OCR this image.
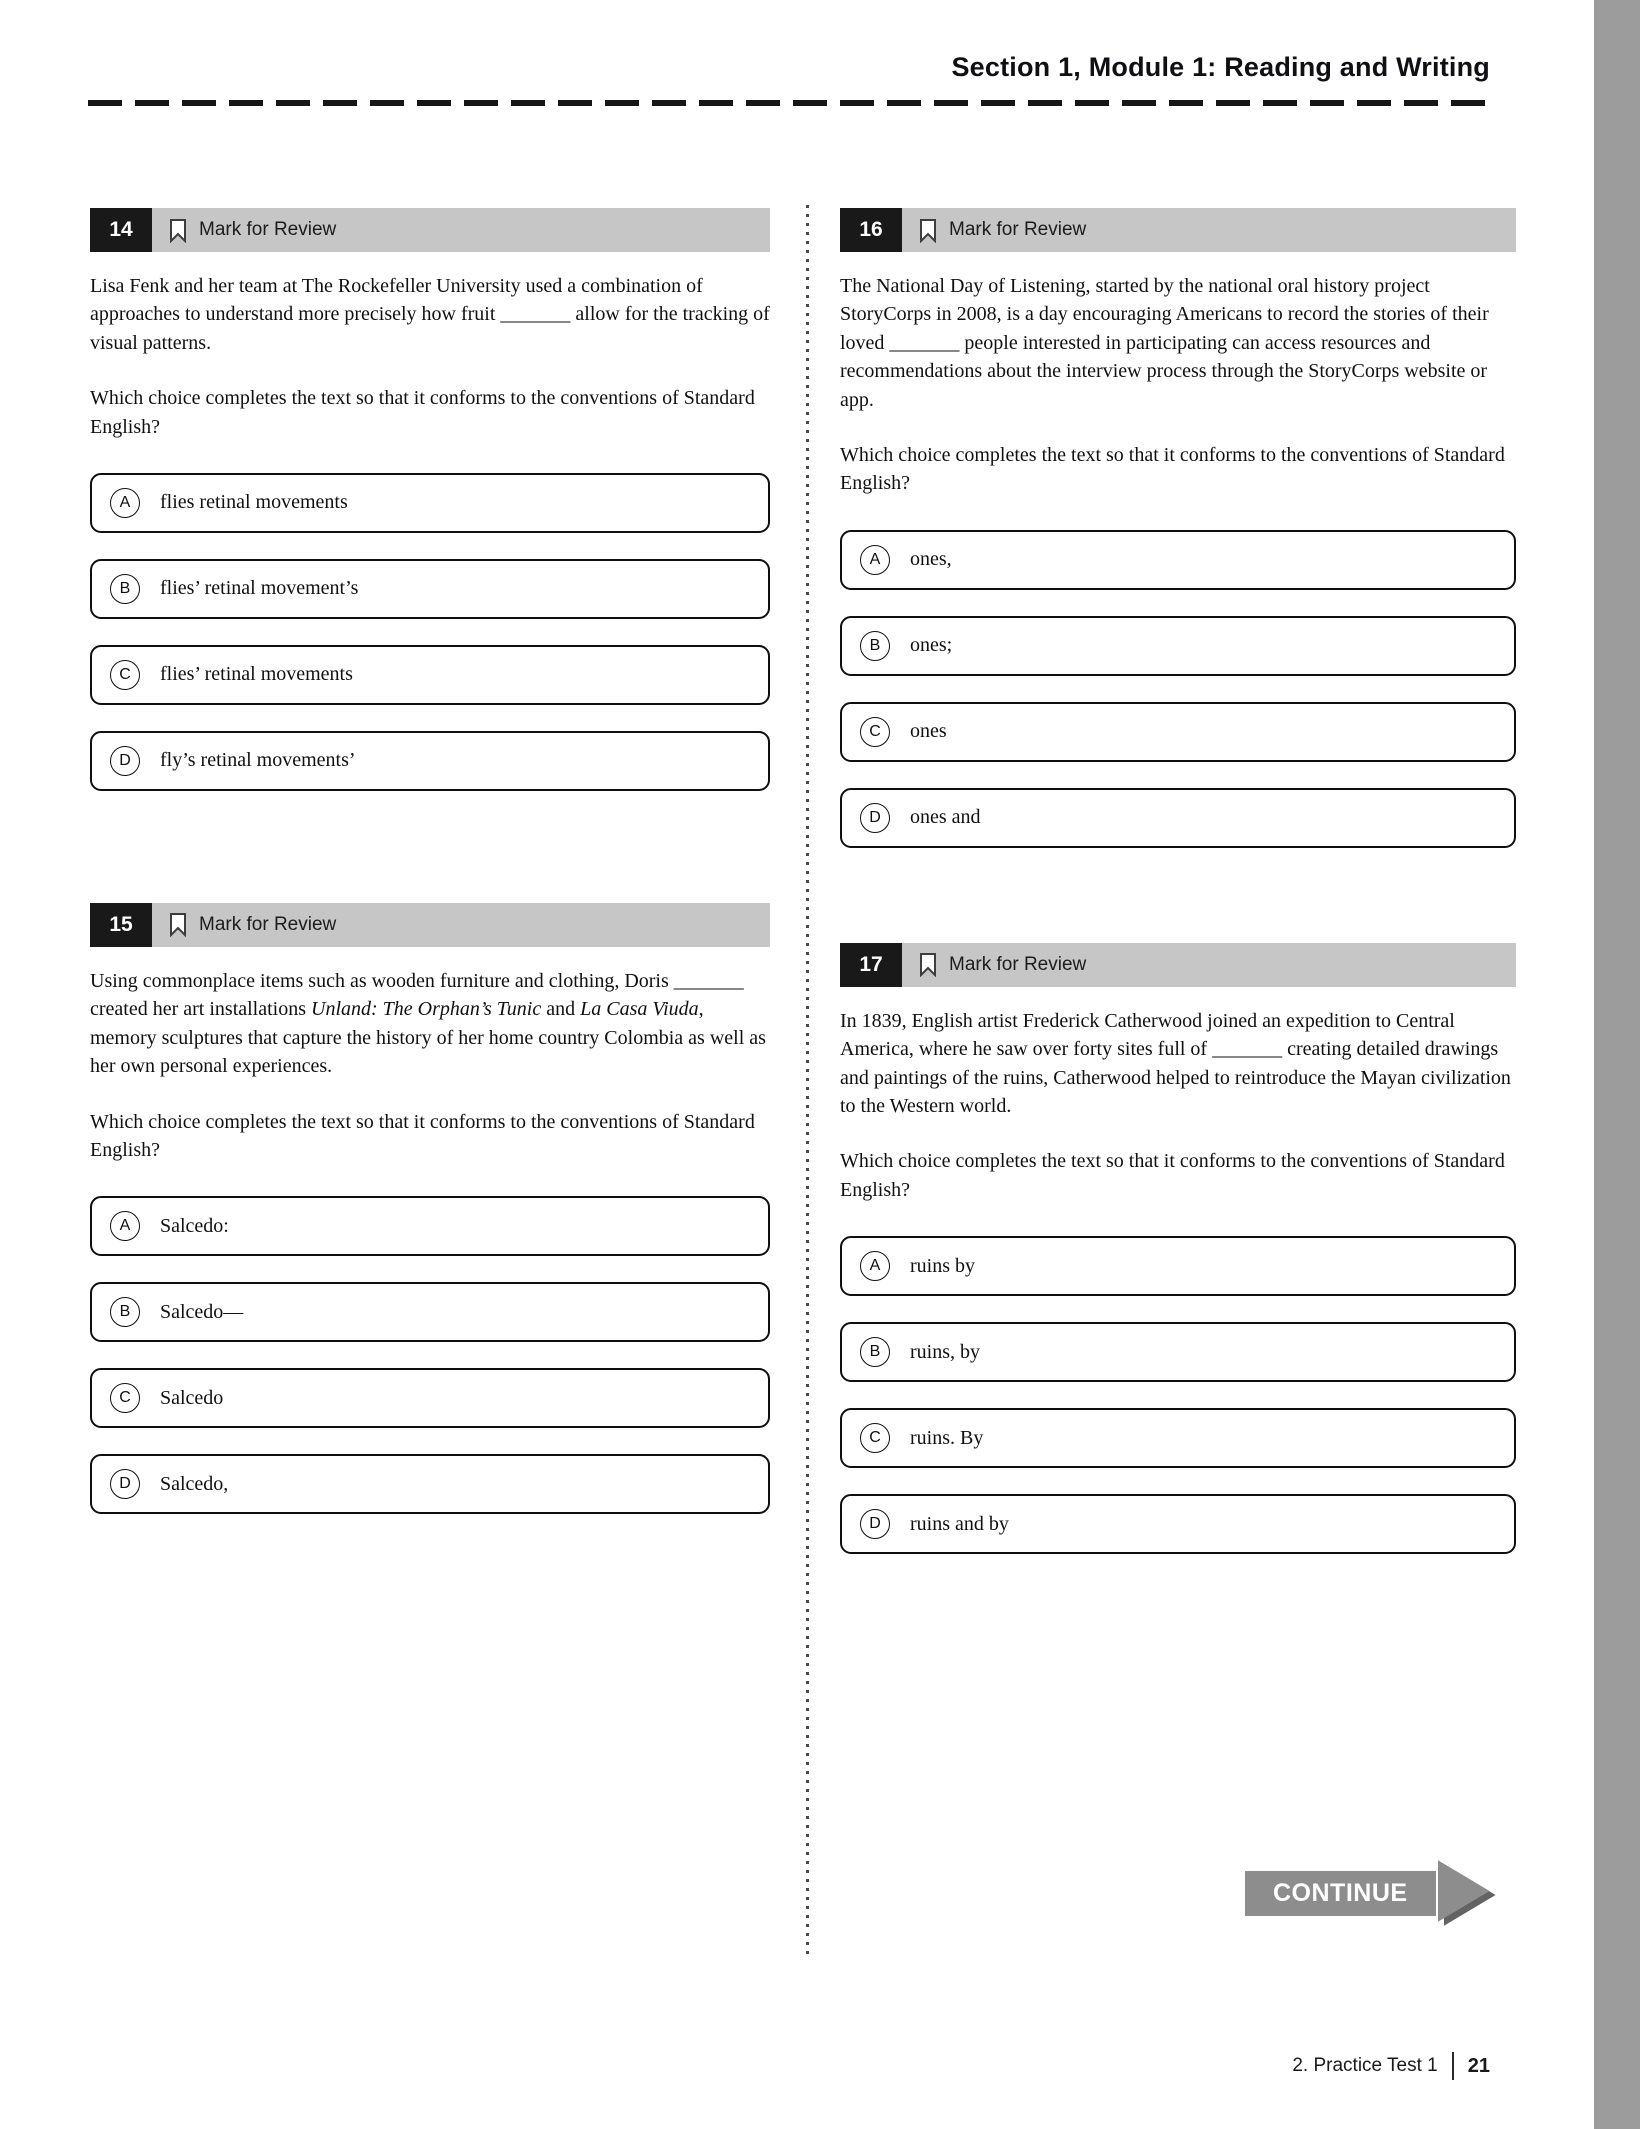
Section 1, Module 1: Reading and Writing
14	Mark for Review

Lisa Fenk and her team at The Rockefeller University used a combination of approaches to understand more precisely how fruit _______ allow for the tracking of visual patterns.

Which choice completes the text so that it conforms to the conventions of Standard English?

A	flies retinal movements
B	flies’ retinal movement’s
C	flies’ retinal movements
D	fly’s retinal movements’
15	Mark for Review

Using commonplace items such as wooden furniture and clothing, Doris _______ created her art installations Unland: The Orphan’s Tunic and La Casa Viuda, memory sculptures that capture the history of her home country Colombia as well as her own personal experiences.

Which choice completes the text so that it conforms to the conventions of Standard English?

A	Salcedo:
B	Salcedo—
C	Salcedo
D	Salcedo,
16	Mark for Review

The National Day of Listening, started by the national oral history project StoryCorps in 2008, is a day encouraging Americans to record the stories of their loved _______ people interested in participating can access resources and recommendations about the interview process through the StoryCorps website or app.

Which choice completes the text so that it conforms to the conventions of Standard English?

A	ones,
B	ones;
C	ones
D	ones and
17	Mark for Review

In 1839, English artist Frederick Catherwood joined an expedition to Central America, where he saw over forty sites full of _______ creating detailed drawings and paintings of the ruins, Catherwood helped to reintroduce the Mayan civilization to the Western world.

Which choice completes the text so that it conforms to the conventions of Standard English?

A	ruins by
B	ruins, by
C	ruins. By
D	ruins and by
CONTINUE
2. Practice Test 1 21
